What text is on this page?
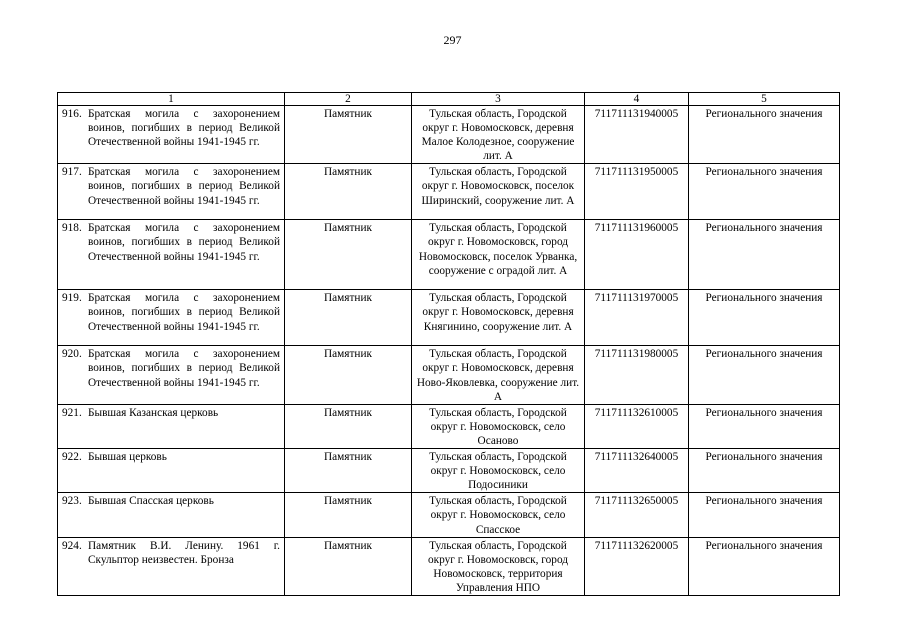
297
1	2	3	4	5

916. Братская могила с захоронением воинов, погибших в период Великой Отечественной войны 1941-1945 гг.	Памятник	Тульская область, Городской округ г. Новомосковск, деревня Малое Колодезное, сооружение лит. А	711711131940005	Регионального значения

917. Братская могила с захоронением воинов, погибших в период Великой Отечественной войны 1941-1945 гг.	Памятник	Тульская область, Городской округ г. Новомосковск, поселок Ширинский, сооружение лит. А	711711131950005	Регионального значения

918. Братская могила с захоронением воинов, погибших в период Великой Отечественной войны 1941-1945 гг.	Памятник	Тульская область, Городской округ г. Новомосковск, город Новомосковск, поселок Урванка, сооружение с оградой лит. А	711711131960005	Регионального значения

919. Братская могила с захоронением воинов, погибших в период Великой Отечественной войны 1941-1945 гг.	Памятник	Тульская область, Городской округ г. Новомосковск, деревня Княгинино, сооружение лит. А	711711131970005	Регионального значения

920. Братская могила с захоронением воинов, погибших в период Великой Отечественной войны 1941-1945 гг.	Памятник	Тульская область, Городской округ г. Новомосковск, деревня Ново-Яковлевка, сооружение лит. А	711711131980005	Регионального значения

921. Бывшая Казанская церковь	Памятник	Тульская область, Городской округ г. Новомосковск, село Осаново	711711132610005	Регионального значения

922. Бывшая церковь	Памятник	Тульская область, Городской округ г. Новомосковск, село Подосиники	711711132640005	Регионального значения

923. Бывшая Спасская церковь	Памятник	Тульская область, Городской округ г. Новомосковск, село Спасское	711711132650005	Регионального значения

924. Памятник В.И. Ленину. 1961 г. Скульптор неизвестен. Бронза	Памятник	Тульская область, Городской округ г. Новомосковск, город Новомосковск, территория Управления НПО	711711132620005	Регионального значения
